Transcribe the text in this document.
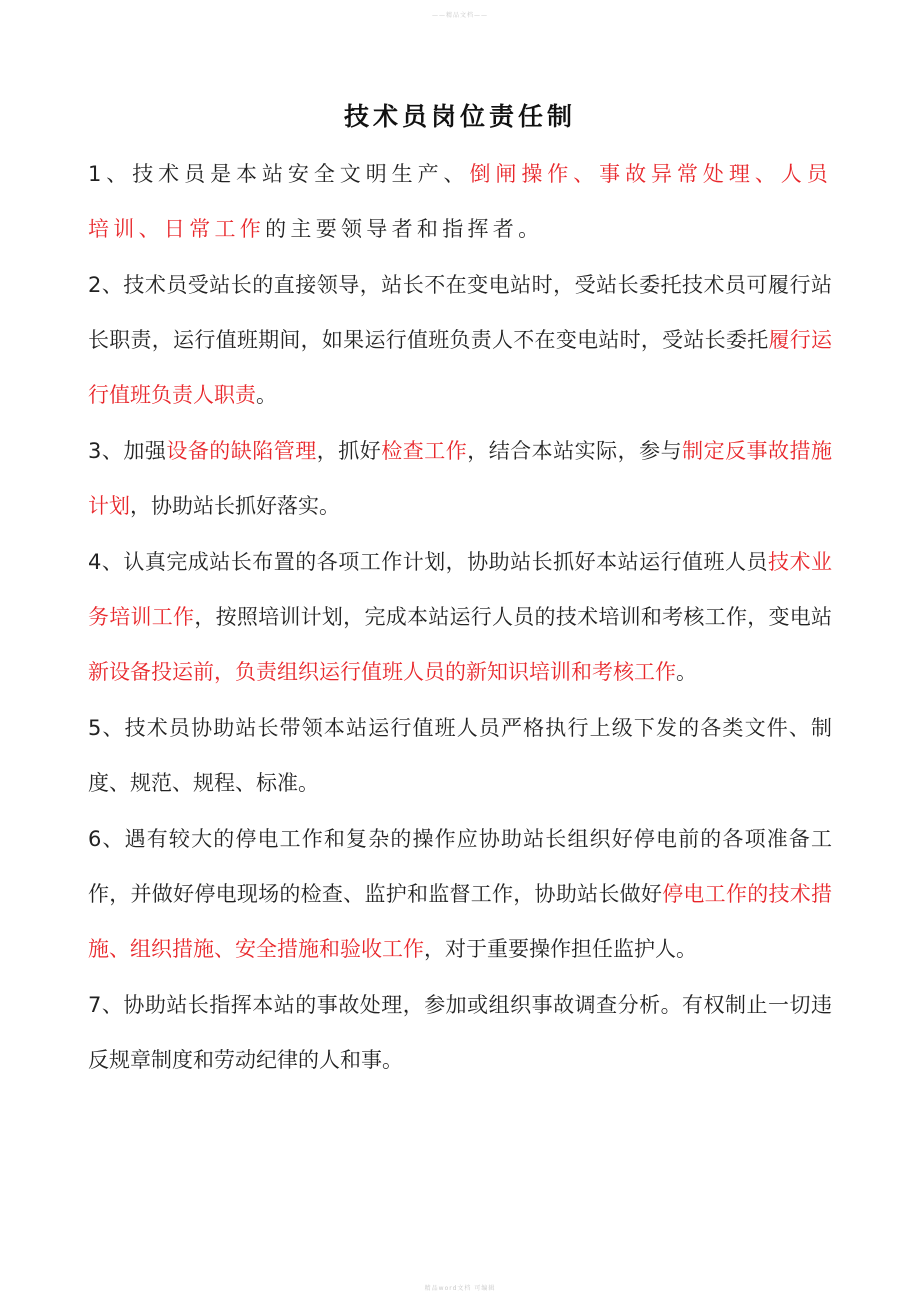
——精品文档——
技术员岗位责任制

1、技术员是本站安全文明生产、倒闸操作、事故异常处理、人员培训、日常工作的主要领导者和指挥者。

2、技术员受站长的直接领导，站长不在变电站时，受站长委托技术员可履行站长职责，运行值班期间，如果运行值班负责人不在变电站时，受站长委托履行运行值班负责人职责。

3、加强设备的缺陷管理，抓好检查工作，结合本站实际，参与制定反事故措施计划，协助站长抓好落实。

4、认真完成站长布置的各项工作计划，协助站长抓好本站运行值班人员技术业务培训工作，按照培训计划，完成本站运行人员的技术培训和考核工作，变电站新设备投运前，负责组织运行值班人员的新知识培训和考核工作。

5、技术员协助站长带领本站运行值班人员严格执行上级下发的各类文件、制度、规范、规程、标准。

6、遇有较大的停电工作和复杂的操作应协助站长组织好停电前的各项准备工作，并做好停电现场的检查、监护和监督工作，协助站长做好停电工作的技术措施、组织措施、安全措施和验收工作，对于重要操作担任监护人。

7、协助站长指挥本站的事故处理，参加或组织事故调查分析。有权制止一切违反规章制度和劳动纪律的人和事。

精品word文档 可编辑
